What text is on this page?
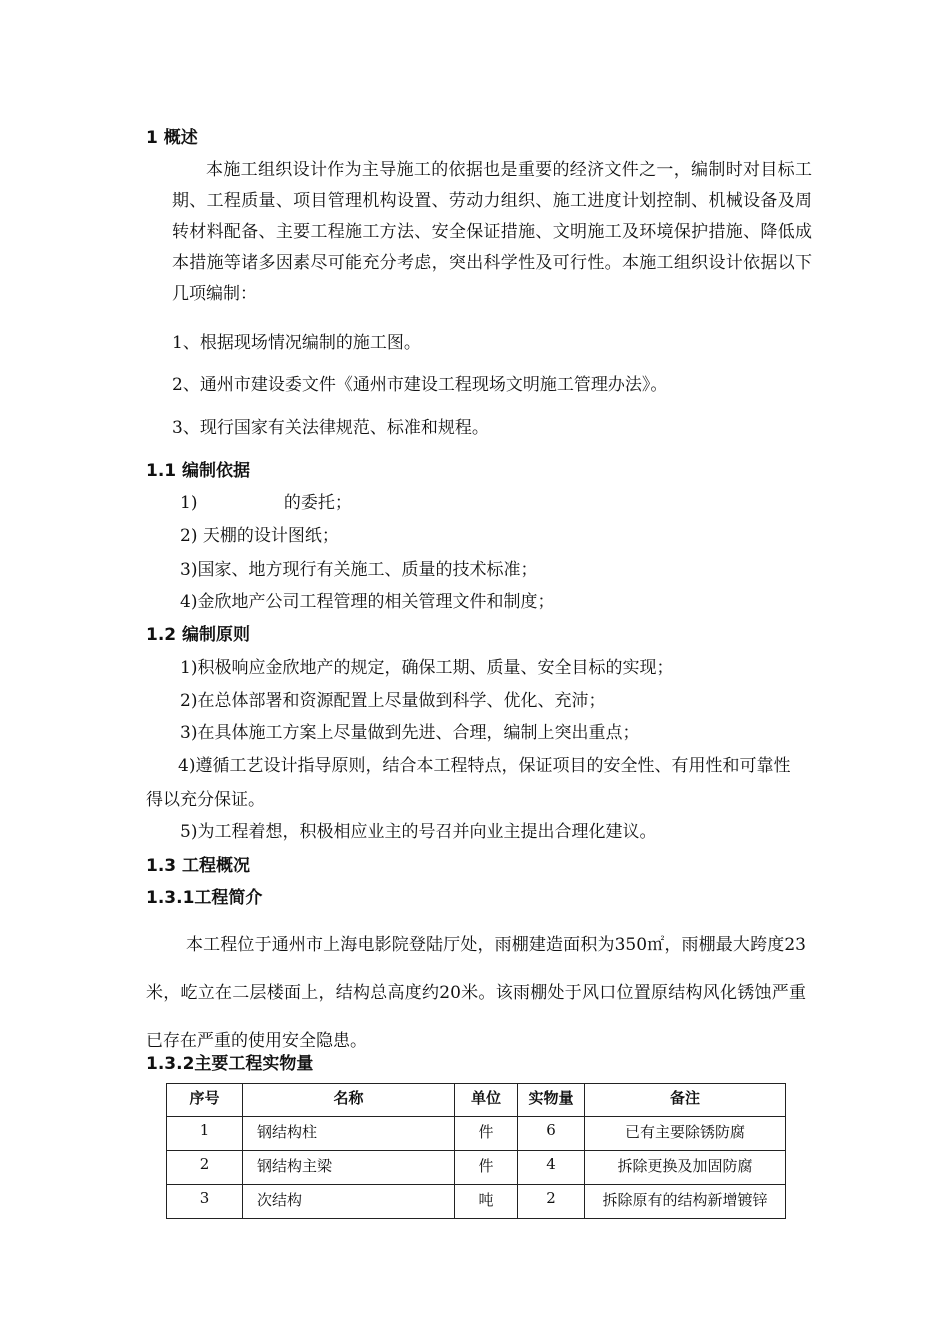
1 概述
本施工组织设计作为主导施工的依据也是重要的经济文件之一，编制时对目标工期、工程质量、项目管理机构设置、劳动力组织、施工进度计划控制、机械设备及周转材料配备、主要工程施工方法、安全保证措施、文明施工及环境保护措施、降低成本措施等诸多因素尽可能充分考虑，突出科学性及可行性。本施工组织设计依据以下几项编制：
1、根据现场情况编制的施工图。
2、通州市建设委文件《通州市建设工程现场文明施工管理办法》。
3、现行国家有关法律规范、标准和规程。
1.1 编制依据
1)                的委托；
2) 天棚的设计图纸；
3)国家、地方现行有关施工、质量的技术标准；
4)金欣地产公司工程管理的相关管理文件和制度；
1.2 编制原则
1)积极响应金欣地产的规定，确保工期、质量、安全目标的实现；
2)在总体部署和资源配置上尽量做到科学、优化、充沛；
3)在具体施工方案上尽量做到先进、合理，编制上突出重点；
4)遵循工艺设计指导原则，结合本工程特点，保证项目的安全性、有用性和可靠性得以充分保证。
5)为工程着想，积极相应业主的号召并向业主提出合理化建议。
1.3 工程概况
1.3.1工程简介
本工程位于通州市上海电影院登陆厅处，雨棚建造面积为350㎡，雨棚最大跨度23米，屹立在二层楼面上，结构总高度约20米。该雨棚处于风口位置原结构风化锈蚀严重已存在严重的使用安全隐患。
1.3.2主要工程实物量
序号	名称	单位	实物量	备注
1	钢结构柱	件	6	已有主要除锈防腐
2	钢结构主梁	件	4	拆除更换及加固防腐
3	次结构	吨	2	拆除原有的结构新增镀锌
